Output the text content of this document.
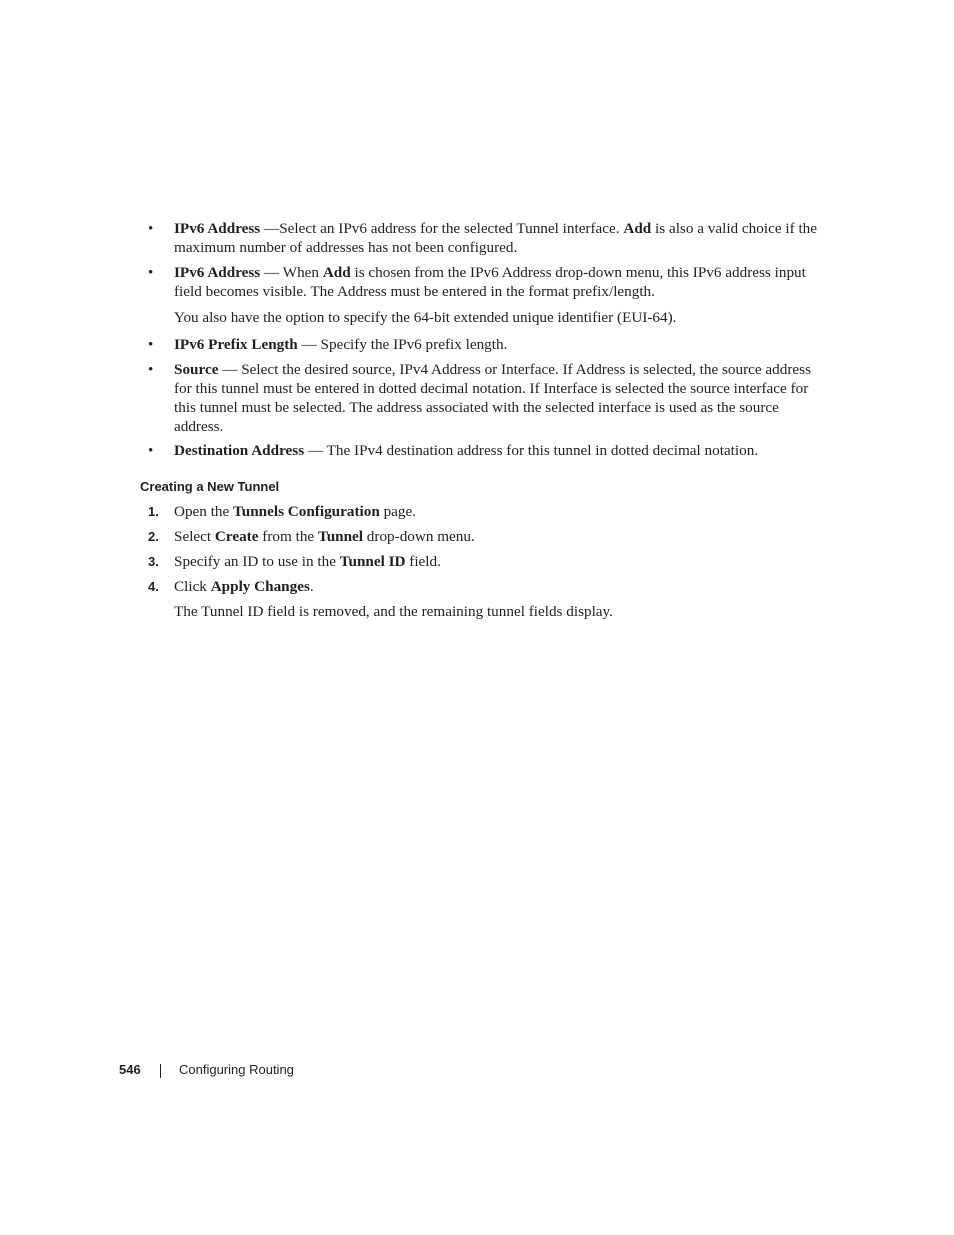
•	IPv6 Address —Select an IPv6 address for the selected Tunnel interface. Add is also a valid choice if the maximum number of addresses has not been configured.
•	IPv6 Address — When Add is chosen from the IPv6 Address drop-down menu, this IPv6 address input field becomes visible. The Address must be entered in the format prefix/length.
You also have the option to specify the 64-bit extended unique identifier (EUI-64).
•	IPv6 Prefix Length — Specify the IPv6 prefix length.
•	Source — Select the desired source, IPv4 Address or Interface. If Address is selected, the source address for this tunnel must be entered in dotted decimal notation. If Interface is selected the source interface for this tunnel must be selected. The address associated with the selected interface is used as the source address.
•	Destination Address — The IPv4 destination address for this tunnel in dotted decimal notation.
Creating a New Tunnel
1. Open the Tunnels Configuration page.
2. Select Create from the Tunnel drop-down menu.
3. Specify an ID to use in the Tunnel ID field.
4. Click Apply Changes.
The Tunnel ID field is removed, and the remaining tunnel fields display.
546	Configuring Routing
